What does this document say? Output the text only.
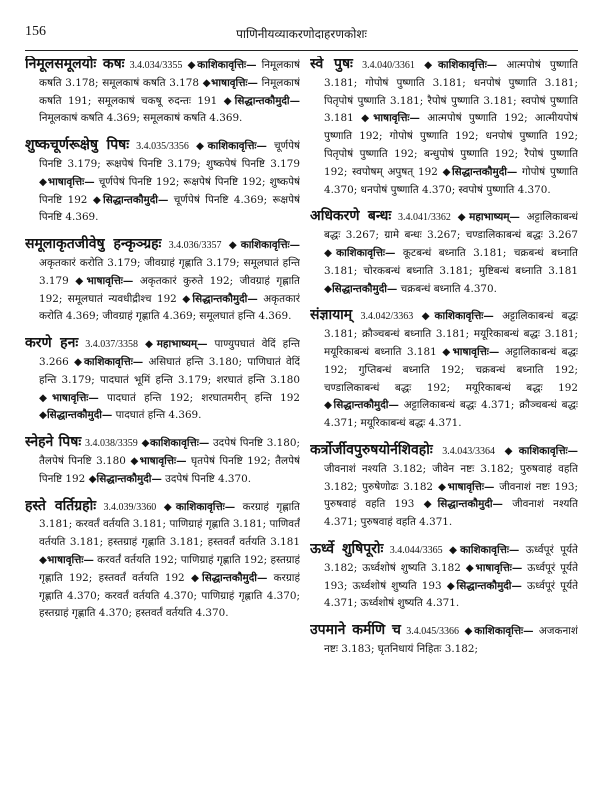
156	पाणिनीयव्याकरणोदाहरणकोशः

निमूलसमूलयोः कषः 3.4.034/3355 ◆काशिकावृत्तिः— निमूलकाषं कषति 3.178; समूलकाषं कषति 3.178 ◆भाषावृत्तिः— निमूलकाषं कषति 191; समूलकाषं चकषू रुदन्तः 191 ◆सिद्धान्तकौमुदी— निमूलकाषं कषति 4.369; समूलकाषं कषति 4.369.

शुष्कचूर्णरूक्षेषु पिषः 3.4.035/3356 ◆काशिकावृत्तिः— चूर्णपेषं पिनष्टि 3.179; रूक्षपेषं पिनष्टि 3.179; शुष्कपेषं पिनष्टि 3.179 ◆भाषावृत्तिः— चूर्णपेषं पिनष्टि 192; रूक्षपेषं पिनष्टि 192; शुष्कपेषं पिनष्टि 192 ◆सिद्धान्तकौमुदी— चूर्णपेषं पिनष्टि 4.369; रूक्षपेषं पिनष्टि 4.369.

समूलाकृतजीवेषु हन्कृञ्ग्रहः 3.4.036/3357 ◆काशिकावृत्तिः— अकृतकारं करोति 3.179; जीवग्राहं गृह्णाति 3.179; समूलघातं हन्ति 3.179 ◆भाषावृत्तिः— अकृतकारं कुरुते 192; जीवग्राहं गृह्णाति 192; समूलघातं न्यवधीद्रीश्च 192 ◆सिद्धान्तकौमुदी— अकृतकारं करोति 4.369; जीवग्राहं गृह्णाति 4.369; समूलघातं हन्ति 4.369.

करणे हनः 3.4.037/3358 ◆महाभाष्यम्— पाण्युपघातं वेदिं हन्ति 3.266 ◆काशिकावृत्तिः— असिघातं हन्ति 3.180; पाणिघातं वेदिं हन्ति 3.179; पादघातं भूमिं हन्ति 3.179; शरघातं हन्ति 3.180 ◆भाषावृत्तिः— पादघातं हन्ति 192; शरघातमरीन् हन्ति 192 ◆सिद्धान्तकौमुदी— पादघातं हन्ति 4.369.

स्नेहने पिषः 3.4.038/3359 ◆काशिकावृत्तिः— उदपेषं पिनष्टि 3.180; तैलपेषं पिनष्टि 3.180 ◆भाषावृत्तिः— घृतपेषं पिनष्टि 192; तैलपेषं पिनष्टि 192 ◆सिद्धान्तकौमुदी— उदपेषं पिनष्टि 4.370.

हस्ते वर्तिग्रहोः 3.4.039/3360 ◆काशिकावृत्तिः— करग्राहं गृह्णाति 3.181; करवर्तं वर्तयति 3.181; पाणिग्राहं गृह्णाति 3.181; पाणिवर्तं वर्तयति 3.181; हस्तग्राहं गृह्णाति 3.181; हस्तवर्तं वर्तयति 3.181 ◆भाषावृत्तिः— करवर्तं वर्तयति 192; पाणिग्राहं गृह्णाति 192; हस्तग्राहं गृह्णाति 192; हस्तवर्तं वर्तयति 192 ◆सिद्धान्तकौमुदी— करग्राहं गृह्णाति 4.370; करवर्तं वर्तयति 4.370; पाणिग्राहं गृह्णाति 4.370; हस्तग्राहं गृह्णाति 4.370; हस्तवर्तं वर्तयति 4.370.

स्वे पुषः 3.4.040/3361 ◆काशिकावृत्तिः— आत्मपोषं पुष्णाति 3.181; गोपोषं पुष्णाति 3.181; धनपोषं पुष्णाति 3.181; पितृपोषं पुष्णाति 3.181; रैपोषं पुष्णाति 3.181; स्वपोषं पुष्णाति 3.181 ◆भाषावृत्तिः— आत्मपोषं पुष्णाति 192; आत्मीयपोषं पुष्णाति 192; गोपोषं पुष्णाति 192; धनपोषं पुष्णाति 192; पितृपोषं पुष्णाति 192; बन्धुपोषं पुष्णाति 192; रैपोषं पुष्णाति 192; स्वपोषम् अपुषत् 192 ◆सिद्धान्तकौमुदी— गोपोषं पुष्णाति 4.370; धनपोषं पुष्णाति 4.370; स्वपोषं पुष्णाति 4.370.

अधिकरणे बन्धः 3.4.041/3362 ◆महाभाष्यम्— अट्टालिकाबन्धं बद्धः 3.267; ग्रामे बन्धः 3.267; चण्डालिकाबन्धं बद्धः 3.267 ◆काशिकावृत्तिः— कूटबन्धं बध्नाति 3.181; चक्रबन्धं बध्नाति 3.181; चोरकबन्धं बध्नाति 3.181; मुष्टिबन्धं बध्नाति 3.181 ◆सिद्धान्तकौमुदी— चक्रबन्धं बध्नाति 4.370.

संज्ञायाम् 3.4.042/3363 ◆काशिकावृत्तिः— अट्टालिकाबन्धं बद्धः 3.181; क्रौञ्चबन्धं बध्नाति 3.181; मयूरिकाबन्धं बद्धः 3.181; मयूरिकाबन्धं बध्नाति 3.181 ◆भाषावृत्तिः— अट्टालिकाबन्धं बद्धः 192; गुप्तिबन्धं बध्नाति 192; चक्रबन्धं बध्नाति 192; चण्डालिकाबन्धं बद्धः 192; मयूरिकाबन्धं बद्धः 192 ◆सिद्धान्तकौमुदी— अट्टालिकाबन्धं बद्धः 4.371; क्रौञ्चबन्धं बद्धः 4.371; मयूरिकाबन्धं बद्धः 4.371.

कर्त्रोर्जीवपुरुषयोर्नशिवहोः 3.4.043/3364 ◆काशिकावृत्तिः— जीवनाशं नश्यति 3.182; जीवेन नष्टः 3.182; पुरुषवाहं वहति 3.182; पुरुषेणोढः 3.182 ◆भाषावृत्तिः— जीवनाशं नष्टः 193; पुरुषवाहं वहति 193 ◆सिद्धान्तकौमुदी— जीवनाशं नश्यति 4.371; पुरुषवाहं वहति 4.371.

ऊर्ध्वे शुषिपूरोः 3.4.044/3365 ◆काशिकावृत्तिः— ऊर्ध्वपूरं पूर्यते 3.182; ऊर्ध्वशोषं शुष्यति 3.182 ◆भाषावृत्तिः— ऊर्ध्वपूरं पूर्यते 193; ऊर्ध्वशोषं शुष्यति 193 ◆सिद्धान्तकौमुदी— ऊर्ध्वपूरं पूर्यते 4.371; ऊर्ध्वशोषं शुष्यति 4.371.

उपमाने कर्मणि च 3.4.045/3366 ◆काशिकावृत्तिः— अजकनाशं नष्टः 3.183; घृतनिधायं निहितः 3.182;
